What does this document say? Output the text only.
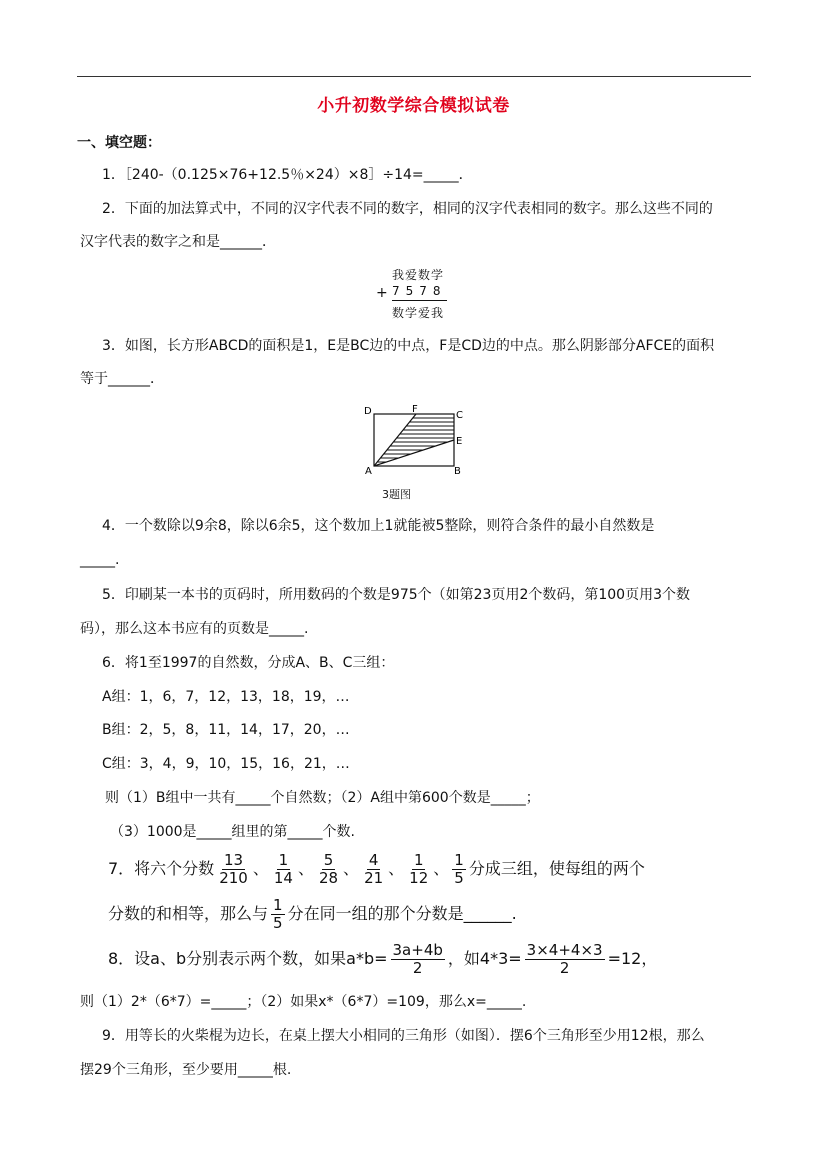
小升初数学综合模拟试卷
一、填空题：
1．［240-（0.125×76+12.5％×24）×8］÷14=_____．
2．下面的加法算式中，不同的汉字代表不同的数字，相同的汉字代表相同的数字。那么这些不同的
汉字代表的数字之和是______．
我爱数学
+ 7578
数学爱我
3．如图，长方形ABCD的面积是1，E是BC边的中点，F是CD边的中点。那么阴影部分AFCE的面积
等于______．
D	F
C
E
A	B
3题图
4．一个数除以9余8，除以6余5，这个数加上1就能被5整除，则符合条件的最小自然数是
_____.
5．印刷某一本书的页码时，所用数码的个数是975个（如第23页用2个数码，第100页用3个数
码），那么这本书应有的页数是_____.
6．将1至1997的自然数，分成A、B、C三组：
A组：1，6，7，12，13，18，19，…
B组：2，5，8，11，14，17，20，…
C组：3，4，9，10，15，16，21，…
则（1）B组中一共有_____个自然数；（2）A组中第600个数是_____；
（3）1000是_____组里的第_____个数.
7．将六个分数 $\frac{13}{210}$ 、 $\frac{1}{14}$ 、 $\frac{5}{28}$ 、 $\frac{4}{21}$ 、 $\frac{1}{12}$ 、 $\frac{1}{5}$ 分成三组，使每组的两个
分数的和相等，那么与 $\frac{1}{5}$ 分在同一组的那个分数是______.
8．设a、b分别表示两个数，如果$a*b= \frac{3a+4b}{2}$ ，如$4*3= \frac{3\times 4+4\times 3}{2} =12$，
则（1）2*（6*7）=_____；（2）如果x*（6*7）=109，那么x=_____.
9．用等长的火柴棍为边长，在桌上摆大小相同的三角形（如图）．摆6个三角形至少用12根，那么
摆29个三角形，至少要用_____根.
